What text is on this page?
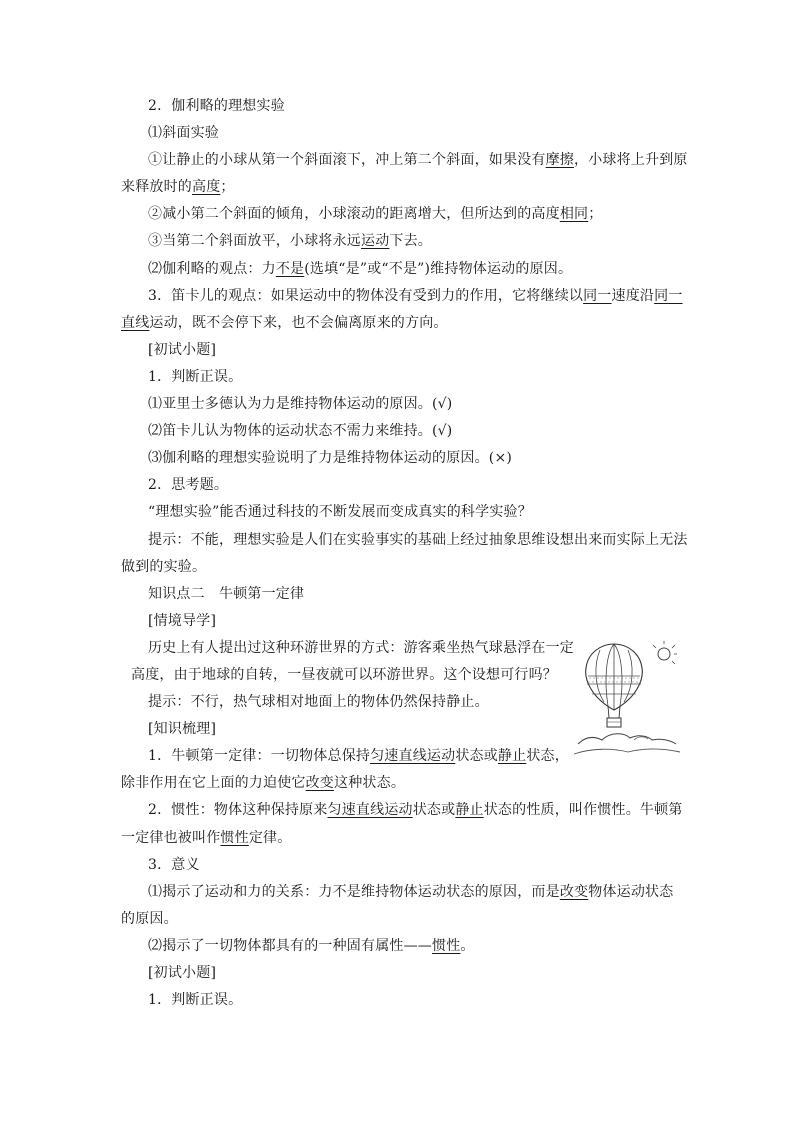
2．伽利略的理想实验
⑴斜面实验
①让静止的小球从第一个斜面滚下，冲上第二个斜面，如果没有摩擦，小球将上升到原
来释放时的高度；
②减小第二个斜面的倾角，小球滚动的距离增大，但所达到的高度相同；
③当第二个斜面放平，小球将永远运动下去。
⑵伽利略的观点：力不是(选填“是”或“不是”)维持物体运动的原因。
3．笛卡儿的观点：如果运动中的物体没有受到力的作用，它将继续以同一速度沿同一
直线运动，既不会停下来，也不会偏离原来的方向。
[初试小题]
1．判断正误。
⑴亚里士多德认为力是维持物体运动的原因。(√)
⑵笛卡儿认为物体的运动状态不需力来维持。(√)
⑶伽利略的理想实验说明了力是维持物体运动的原因。(×)
2．思考题。
“理想实验”能否通过科技的不断发展而变成真实的科学实验？
提示：不能，理想实验是人们在实验事实的基础上经过抽象思维设想出来而实际上无法
做到的实验。
知识点二　牛顿第一定律
[情境导学]
历史上有人提出过这种环游世界的方式：游客乘坐热气球悬浮在一定
高度，由于地球的自转，一昼夜就可以环游世界。这个设想可行吗？
提示：不行，热气球相对地面上的物体仍然保持静止。
[知识梳理]
1．牛顿第一定律：一切物体总保持匀速直线运动状态或静止状态，
除非作用在它上面的力迫使它改变这种状态。
2．惯性：物体这种保持原来匀速直线运动状态或静止状态的性质，叫作惯性。牛顿第
一定律也被叫作惯性定律。
3．意义
⑴揭示了运动和力的关系：力不是维持物体运动状态的原因，而是改变物体运动状态
的原因。
⑵揭示了一切物体都具有的一种固有属性——惯性。
[初试小题]
1．判断正误。
